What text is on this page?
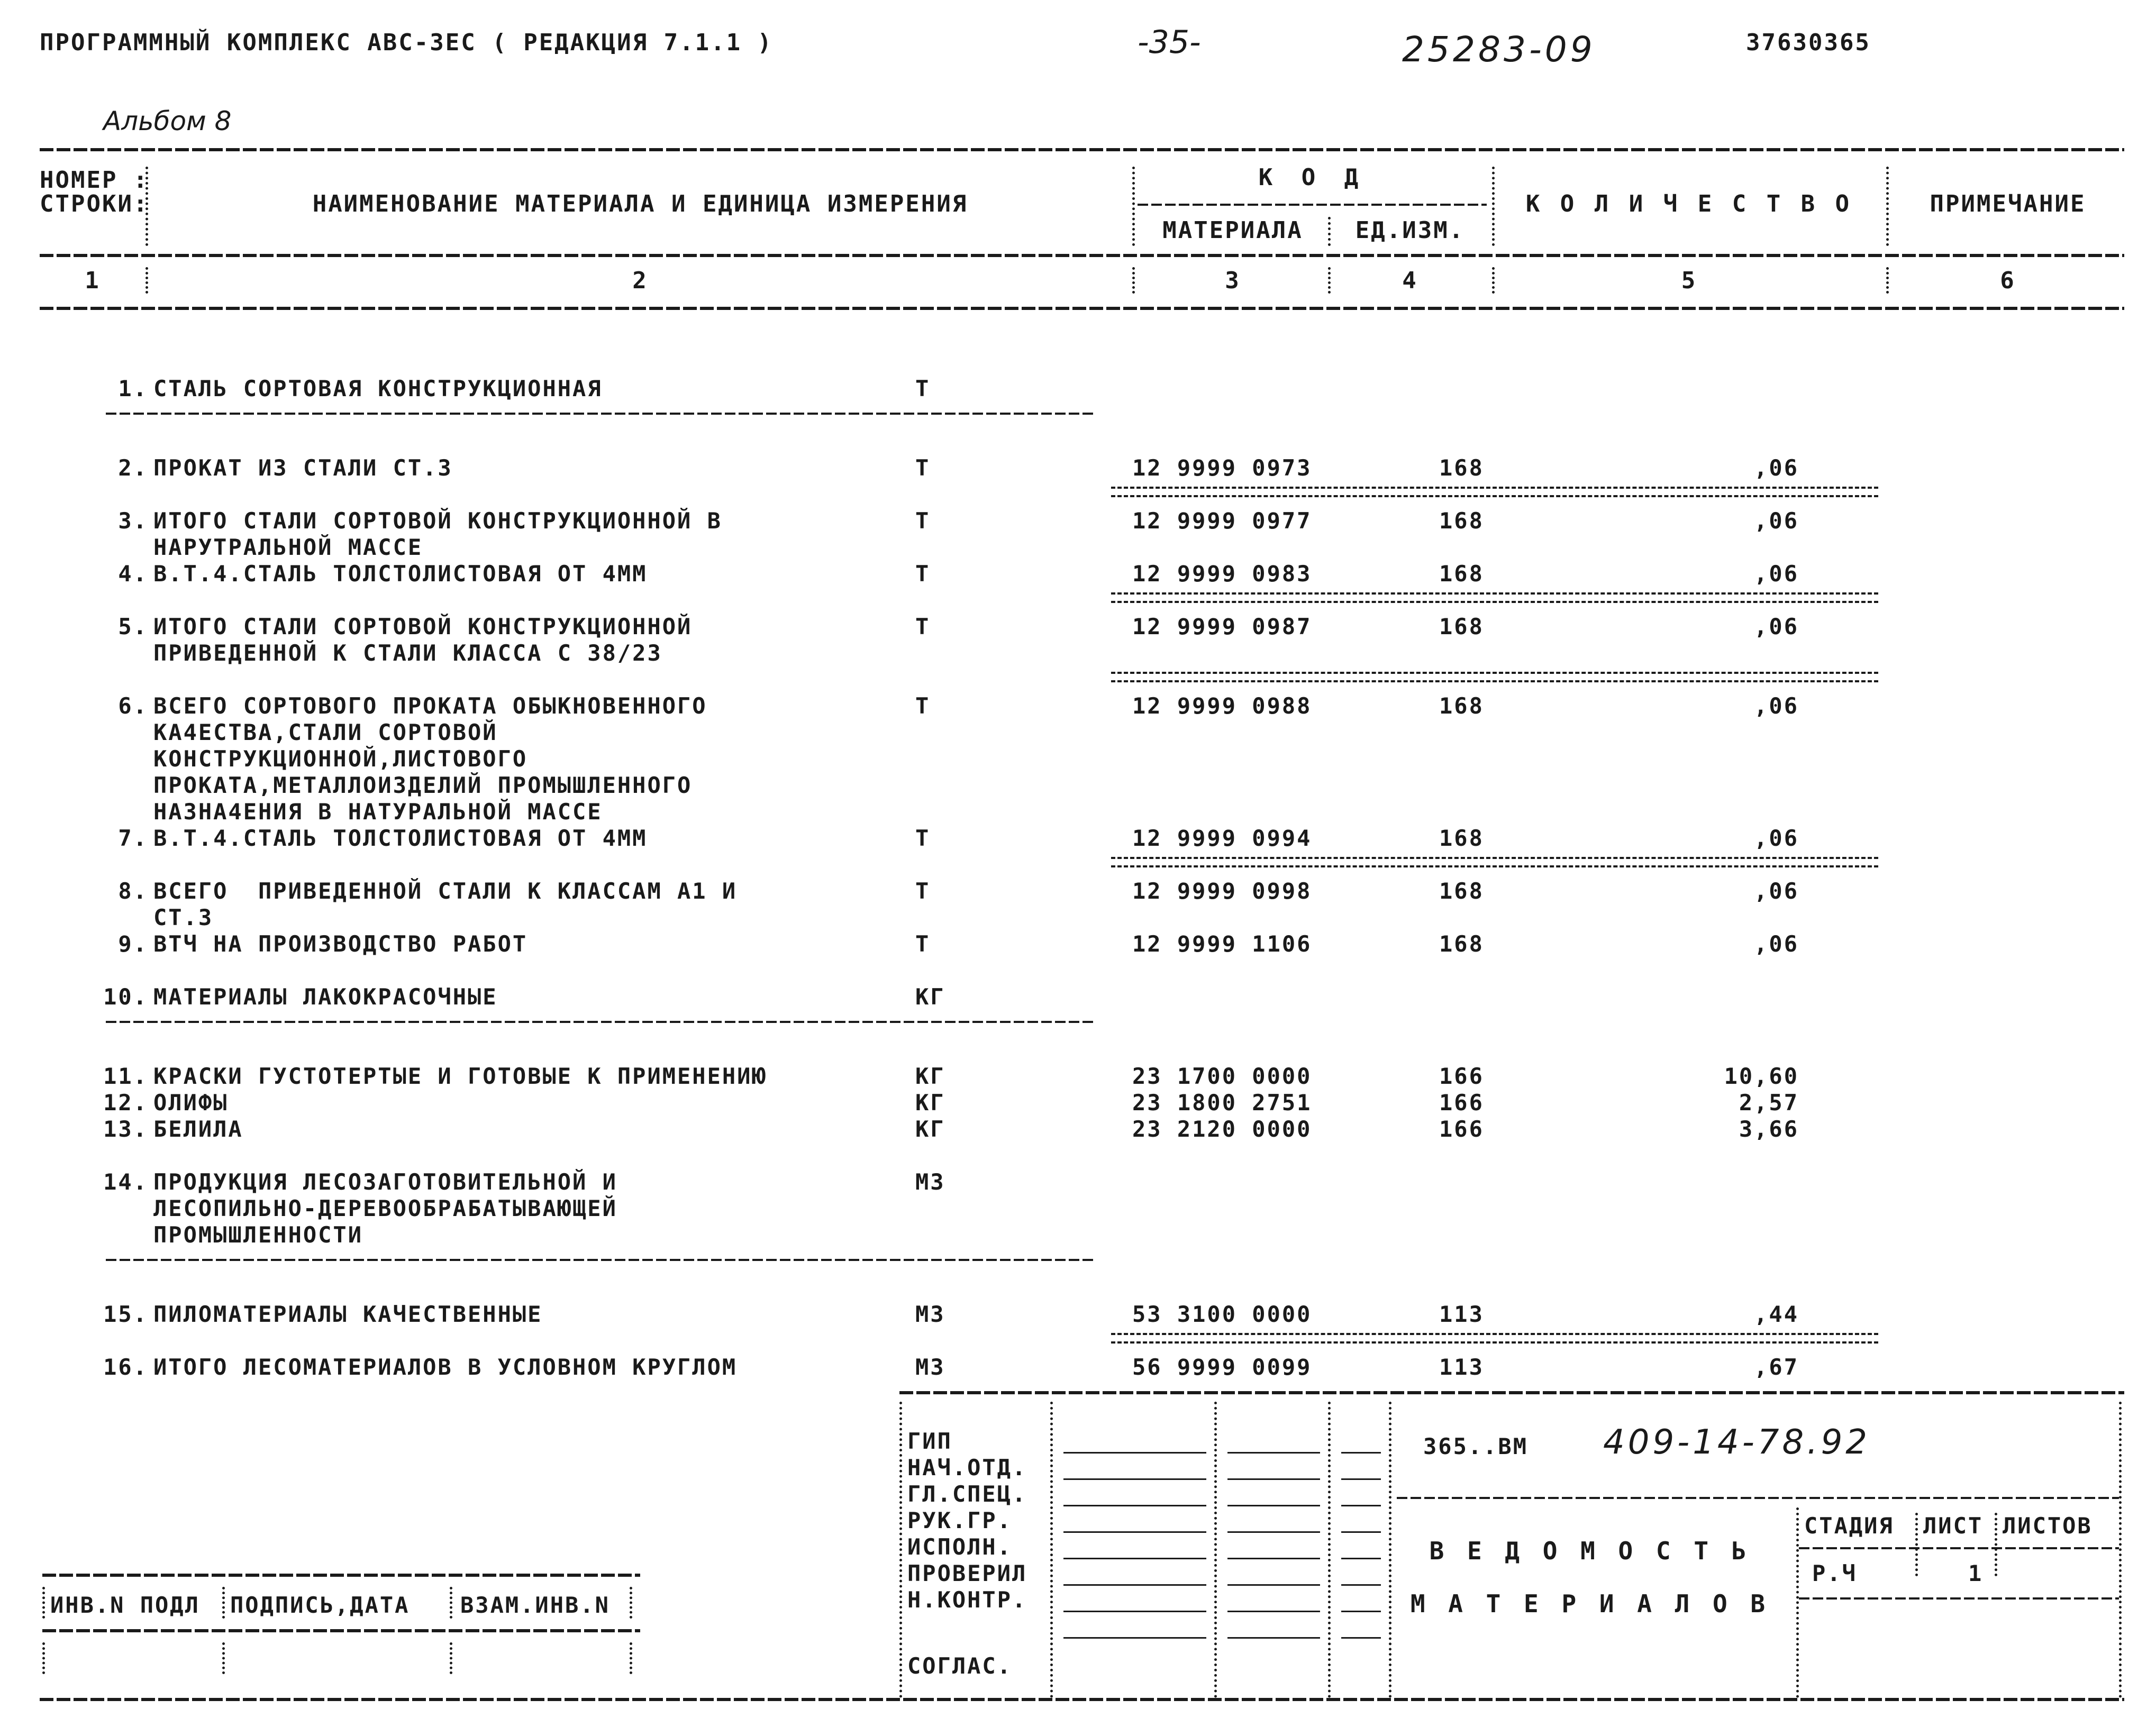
ПРОГРАММНЫЙ КОМПЛЕКС АВС-3ЕС ( РЕДАКЦИЯ 7.1.1 )	-35-	25283-09	37630365
Альбом 8
НОМЕР :
СТРОКИ:	НАИМЕНОВАНИЕ МАТЕРИАЛА И ЕДИНИЦА ИЗМЕРЕНИЯ
К О Д
МАТЕРИАЛА	ЕД.ИЗМ.
К О Л И Ч Е С Т В О	ПРИМЕЧАНИЕ
1	2	3	4	5	6
1. СТАЛЬ СОРТОВАЯ КОНСТРУКЦИОННАЯ	Т
2. ПРОКАТ ИЗ СТАЛИ СТ.3	Т	12 9999 0973	168	,06
3. ИТОГО СТАЛИ СОРТОВОЙ КОНСТРУКЦИОННОЙ В
НАРУТРАЛЬНОЙ МАССЕ
Т	12 9999 0977	168	,06
4. В.Т.4.СТАЛЬ ТОЛСТОЛИСТОВАЯ ОТ 4ММ	Т	12 9999 0983	168	,06
5. ИТОГО СТАЛИ СОРТОВОЙ КОНСТРУКЦИОННОЙ
ПРИВЕДЕННОЙ К СТАЛИ КЛАССА С 38/23
Т	12 9999 0987	168	,06
6. ВСЕГО СОРТОВОГО ПРОКАТА ОБЫКНОВЕННОГО
КА4ЕСТВА,СТАЛИ СОРТОВОЙ
КОНСТРУКЦИОННОЙ,ЛИСТОВОГО
ПРОКАТА,МЕТАЛЛОИЗДЕЛИЙ ПРОМЫШЛЕННОГО
НАЗНА4ЕНИЯ В НАТУРАЛЬНОЙ МАССЕ
Т	12 9999 0988	168	,06
7. В.Т.4.СТАЛЬ ТОЛСТОЛИСТОВАЯ ОТ 4ММ	Т	12 9999 0994	168	,06
8. ВСЕГО  ПРИВЕДЕННОЙ СТАЛИ К КЛАССАМ А1 И
СТ.3
Т	12 9999 0998	168	,06
9. ВТЧ НА ПРОИЗВОДСТВО РАБОТ	Т	12 9999 1106	168	,06
10. МАТЕРИАЛЫ ЛАКОКРАСОЧНЫЕ	КГ
11. КРАСКИ ГУСТОТЕРТЫЕ И ГОТОВЫЕ К ПРИМЕНЕНИЮ	КГ	23 1700 0000	166	10,60
12. ОЛИФЫ	КГ	23 1800 2751	166	2,57
13. БЕЛИЛА	КГ	23 2120 0000	166	3,66
14. ПРОДУКЦИЯ ЛЕСОЗАГОТОВИТЕЛЬНОЙ И
ЛЕСОПИЛЬНО-ДЕРЕВООБРАБАТЫВАЮЩЕЙ
ПРОМЫШЛЕННОСТИ
М3
15. ПИЛОМАТЕРИАЛЫ КАЧЕСТВЕННЫЕ	М3	53 3100 0000	113	,44
16. ИТОГО ЛЕСОМАТЕРИАЛОВ В УСЛОВНОМ КРУГЛОМ	М3	56 9999 0099	113	,67
ГИП
НАЧ.ОТД.
ГЛ.СПЕЦ.
РУК.ГР.
ИСПОЛН.
ПРОВЕРИЛ
Н.КОНТР.
СОГЛАС.
365..ВМ 409-14-78.92
В Е Д О М О С Т Ь
М А Т Е Р И А Л О В
СТАДИЯ ЛИСТ ЛИСТОВ
Р.Ч	1
ИНВ.N ПОДЛ ПОДПИСЬ,ДАТА ВЗАМ.ИНВ.N
